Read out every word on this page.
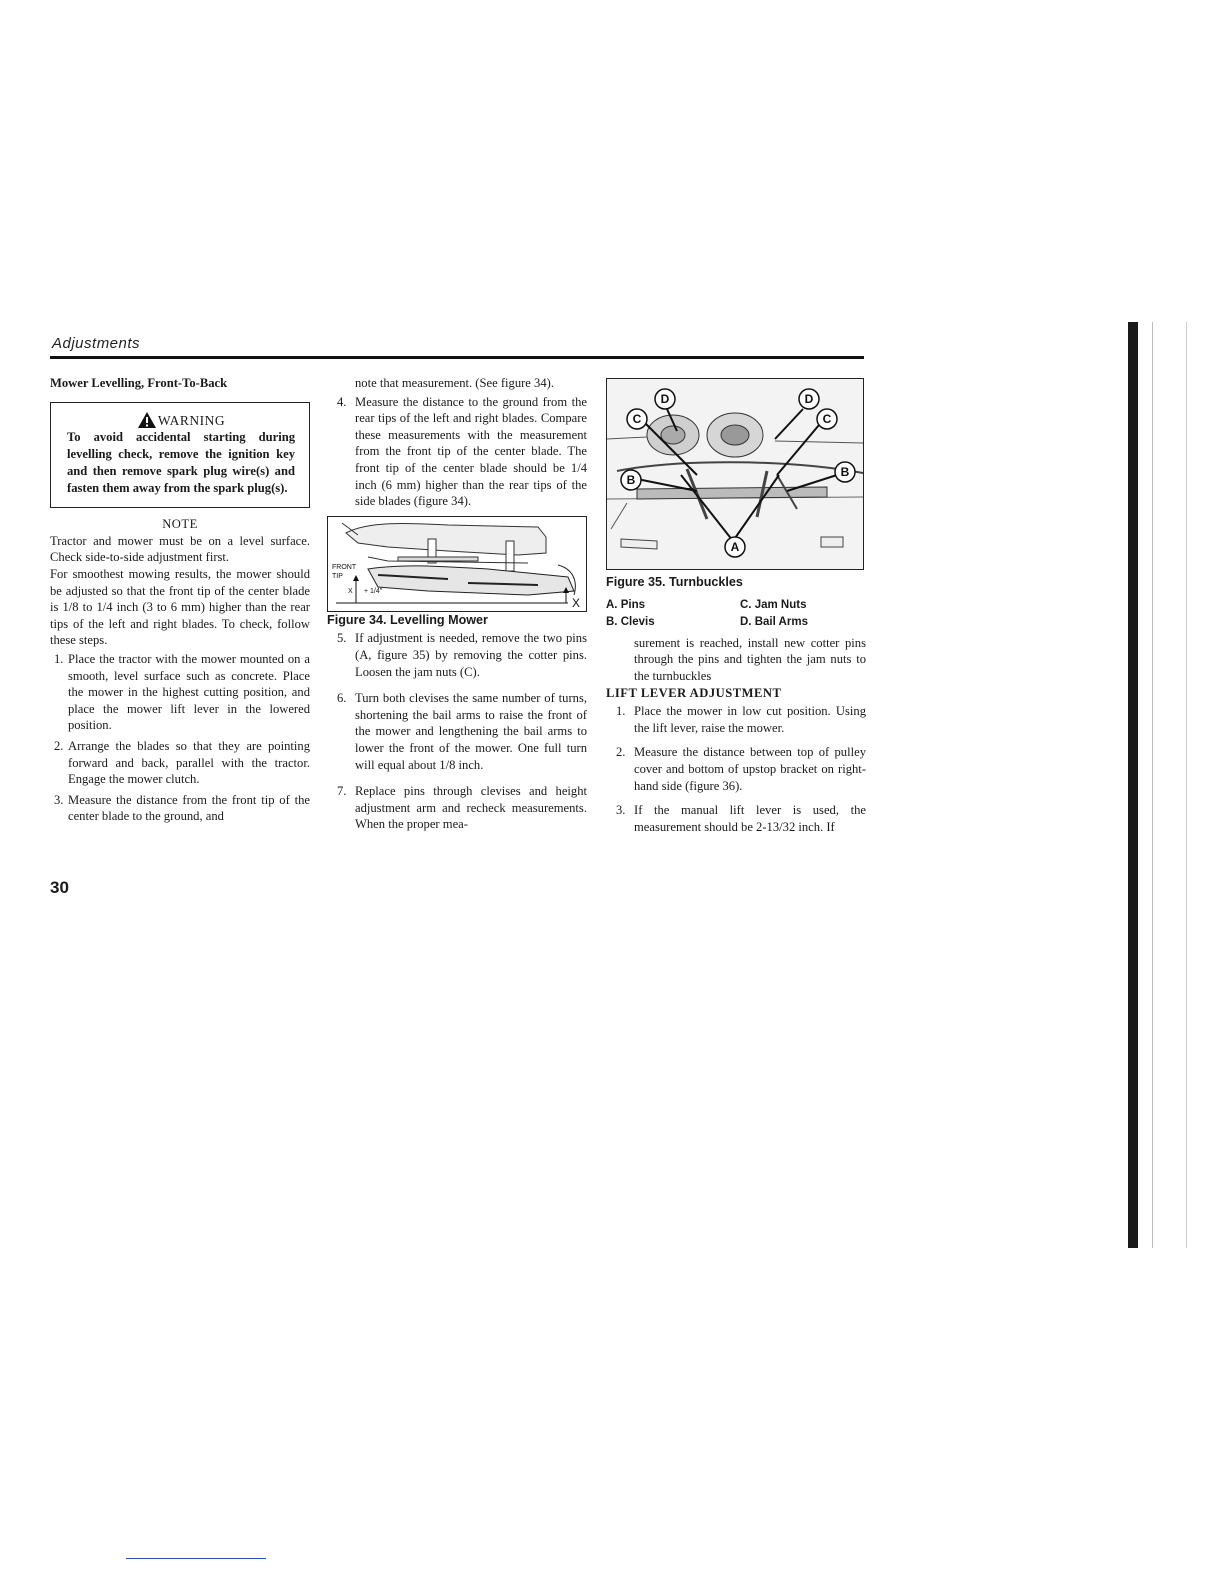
Adjustments
Mower Levelling, Front-To-Back

WARNING

To avoid accidental starting during levelling check, remove the ignition key and then remove spark plug wire(s) and fasten them away from the spark plug(s).

NOTE

Tractor and mower must be on a level surface. Check side-to-side adjustment first.

For smoothest mowing results, the mower should be adjusted so that the front tip of the center blade is 1/8 to 1/4 inch (3 to 6 mm) higher than the rear tips of the left and right blades. To check, follow these steps.

1. Place the tractor with the mower mounted on a smooth, level surface such as concrete. Place the mower in the highest cutting position, and place the mower lift lever in the lowered position.
2. Arrange the blades so that they are pointing forward and back, parallel with the tractor. Engage the mower clutch.
3. Measure the distance from the front tip of the center blade to the ground, and

note that measurement. (See figure 34).

4. Measure the distance to the ground from the rear tips of the left and right blades. Compare these measurements with the measurement from the front tip of the center blade. The front tip of the center blade should be 1/4 inch (6 mm) higher than the rear tips of the side blades (figure 34).
FRONT
TIP
X + 1/4"
X

Figure 34. Levelling Mower

5. If adjustment is needed, remove the two pins (A, figure 35) by removing the cotter pins. Loosen the jam nuts (C).
6. Turn both clevises the same number of turns, shortening the bail arms to raise the front of the mower and lengthening the bail arms to lower the front of the mower. One full turn will equal about 1/8 inch.
7. Replace pins through clevises and height adjustment arm and recheck measurements. When the proper mea-
D	D
C	C
B
B
A

Figure 35. Turnbuckles

A. Pins	C. Jam Nuts
B. Clevis	D. Bail Arms

surement is reached, install new cotter pins through the pins and tighten the jam nuts to the turnbuckles

LIFT LEVER ADJUSTMENT

1. Place the mower in low cut position. Using the lift lever, raise the mower.
2. Measure the distance between top of pulley cover and bottom of upstop bracket on right-hand side (figure 36).
3. If the manual lift lever is used, the measurement should be 2-13/32 inch. If
30
